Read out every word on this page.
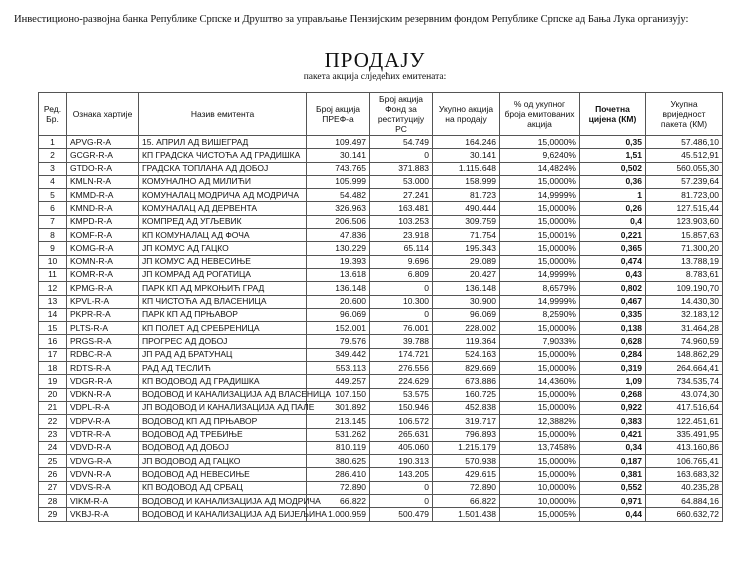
Инвестиционо-развојна банка Републике Српске и Друштво за управљање Пензијским резервним фондом Републике Српске ад Бања Лука организују:
ПРОДАЈУ
пакета акција слједећих емитената:
Ред. Бр.	Ознака хартије	Назив емитента	Број акција ПРЕФ-а	Број акција Фонд за реституцију РС	Укупно акција на продају	% од укупног броја емитованих акција	Почетна цијена (КМ)	Укупна вриједност пакета (КМ)
1	APVG-R-A	15. АПРИЛ АД ВИШЕГРАД	109.497	54.749	164.246	15,0000%	0,35	57.486,10
2	GCGR-R-A	КП ГРАДСКА ЧИСТОЋА АД ГРАДИШКА	30.141	0	30.141	9,6240%	1,51	45.512,91
3	GTDO-R-A	ГРАДСКА ТОПЛАНА АД ДОБОЈ	743.765	371.883	1.115.648	14,4824%	0,502	560.055,30
4	KMLN-R-A	КОМУНАЛНО АД МИЛИЋИ	105.999	53.000	158.999	15,0000%	0,36	57.239,64
5	KMMD-R-A	КОМУНАЛАЦ МОДРИЧА АД МОДРИЧА	54.482	27.241	81.723	14,9999%	1	81.723,00
6	KMND-R-A	КОМУНАЛАЦ АД ДЕРВЕНТА	326.963	163.481	490.444	15,0000%	0,26	127.515,44
7	KMPD-R-A	КОМПРЕД АД УГЉЕВИК	206.506	103.253	309.759	15,0000%	0,4	123.903,60
8	KOMF-R-A	КП КОМУНАЛАЦ АД ФОЧА	47.836	23.918	71.754	15,0001%	0,221	15.857,63
9	KOMG-R-A	ЈП КОМУС АД ГАЦКО	130.229	65.114	195.343	15,0000%	0,365	71.300,20
10	KOMN-R-A	ЈП КОМУС АД НЕВЕСИЊЕ	19.393	9.696	29.089	15,0000%	0,474	13.788,19
11	KOMR-R-A	ЈП КОМРАД АД РОГАТИЦА	13.618	6.809	20.427	14,9999%	0,43	8.783,61
12	KPMG-R-A	ПАРК КП АД МРКОЊИЋ ГРАД	136.148	0	136.148	8,6579%	0,802	109.190,70
13	KPVL-R-A	КП ЧИСТОЋА АД ВЛАСЕНИЦА	20.600	10.300	30.900	14,9999%	0,467	14.430,30
14	PKPR-R-A	ПАРК КП АД ПРЊАВОР	96.069	0	96.069	8,2590%	0,335	32.183,12
15	PLTS-R-A	КП ПОЛЕТ АД СРЕБРЕНИЦА	152.001	76.001	228.002	15,0000%	0,138	31.464,28
16	PRGS-R-A	ПРОГРЕС АД ДОБОЈ	79.576	39.788	119.364	7,9033%	0,628	74.960,59
17	RDBC-R-A	ЈП РАД АД БРАТУНАЦ	349.442	174.721	524.163	15,0000%	0,284	148.862,29
18	RDTS-R-A	РАД АД ТЕСЛИЋ	553.113	276.556	829.669	15,0000%	0,319	264.664,41
19	VDGR-R-A	КП ВОДОВОД АД ГРАДИШКА	449.257	224.629	673.886	14,4360%	1,09	734.535,74
20	VDKN-R-A	ВОДОВОД И КАНАЛИЗАЦИЈА АД ВЛАСЕНИЦА	107.150	53.575	160.725	15,0000%	0,268	43.074,30
21	VDPL-R-A	ЈП ВОДОВОД И КАНАЛИЗАЦИЈА АД ПАЛЕ	301.892	150.946	452.838	15,0000%	0,922	417.516,64
22	VDPV-R-A	ВОДОВОД КП АД ПРЊАВОР	213.145	106.572	319.717	12,3882%	0,383	122.451,61
23	VDTR-R-A	ВОДОВОД АД ТРЕБИЊЕ	531.262	265.631	796.893	15,0000%	0,421	335.491,95
24	VDVD-R-A	ВОДОВОД АД ДОБОЈ	810.119	405.060	1.215.179	13,7458%	0,34	413.160,86
25	VDVG-R-A	ЈП ВОДОВОД АД ГАЦКО	380.625	190.313	570.938	15,0000%	0,187	106.765,41
26	VDVN-R-A	ВОДОВОД АД НЕВЕСИЊЕ	286.410	143.205	429.615	15,0000%	0,381	163.683,32
27	VDVS-R-A	КП ВОДОВОД АД СРБАЦ	72.890	0	72.890	10,0000%	0,552	40.235,28
28	VIKM-R-A	ВОДОВОД И КАНАЛИЗАЦИЈА АД МОДРИЧА	66.822	0	66.822	10,0000%	0,971	64.884,16
29	VKBJ-R-A	ВОДОВОД И КАНАЛИЗАЦИЈА АД БИЈЕЉИНА	1.000.959	500.479	1.501.438	15,0005%	0,44	660.632,72
